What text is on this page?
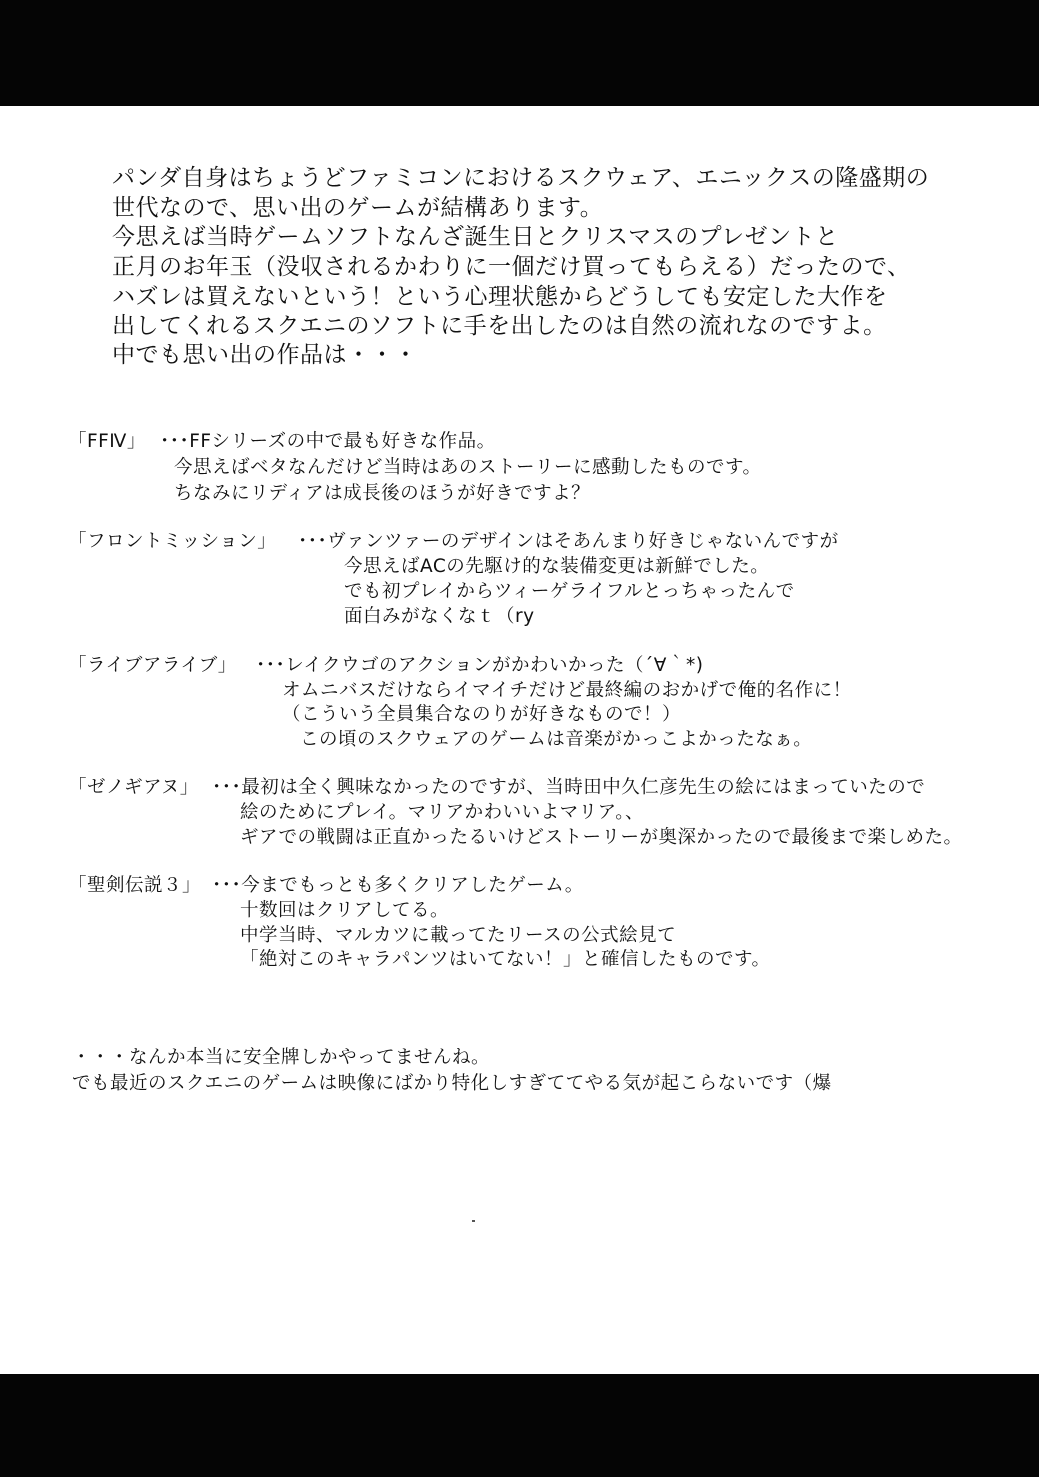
パンダ自身はちょうどファミコンにおけるスクウェア、エニックスの隆盛期の
世代なので、思い出のゲームが結構あります。
今思えば当時ゲームソフトなんざ誕生日とクリスマスのプレゼントと
正月のお年玉（没収されるかわりに一個だけ買ってもらえる）だったので、
ハズレは買えないという！という心理状態からどうしても安定した大作を
出してくれるスクエニのソフトに手を出したのは自然の流れなのですよ。
中でも思い出の作品は・・・
「FFⅣ」 ･･･FFシリーズの中で最も好きな作品。
今思えばベタなんだけど当時はあのストーリーに感動したものです。
ちなみにリディアは成長後のほうが好きですよ？
「フロントミッション」 ･･･ヴァンツァーのデザインはそあんまり好きじゃないんですが
今思えばACの先駆け的な装備変更は新鮮でした。
でも初プレイからツィーゲライフルとっちゃったんで
面白みがなくなｔ（ry
「ライブアライブ」 ･･･レイクウゴのアクションがかわいかった（´∀｀*)
オムニバスだけならイマイチだけど最終編のおかげで俺的名作に！
（こういう全員集合なのりが好きなもので！）
この頃のスクウェアのゲームは音楽がかっこよかったなぁ。
「ゼノギアヌ」 ･･･最初は全く興味なかったのですが、当時田中久仁彦先生の絵にはまっていたので
絵のためにプレイ。マリアかわいいよマリア。、
ギアでの戦闘は正直かったるいけどストーリーが奥深かったので最後まで楽しめた。
「聖剣伝説３」 ･･･今までもっとも多くクリアしたゲーム。
十数回はクリアしてる。
中学当時、マルカツに載ってたリースの公式絵見て
「絶対このキャラパンツはいてない！」と確信したものです。
・・・なんか本当に安全牌しかやってませんね。
でも最近のスクエニのゲームは映像にばかり特化しすぎててやる気が起こらないです（爆
